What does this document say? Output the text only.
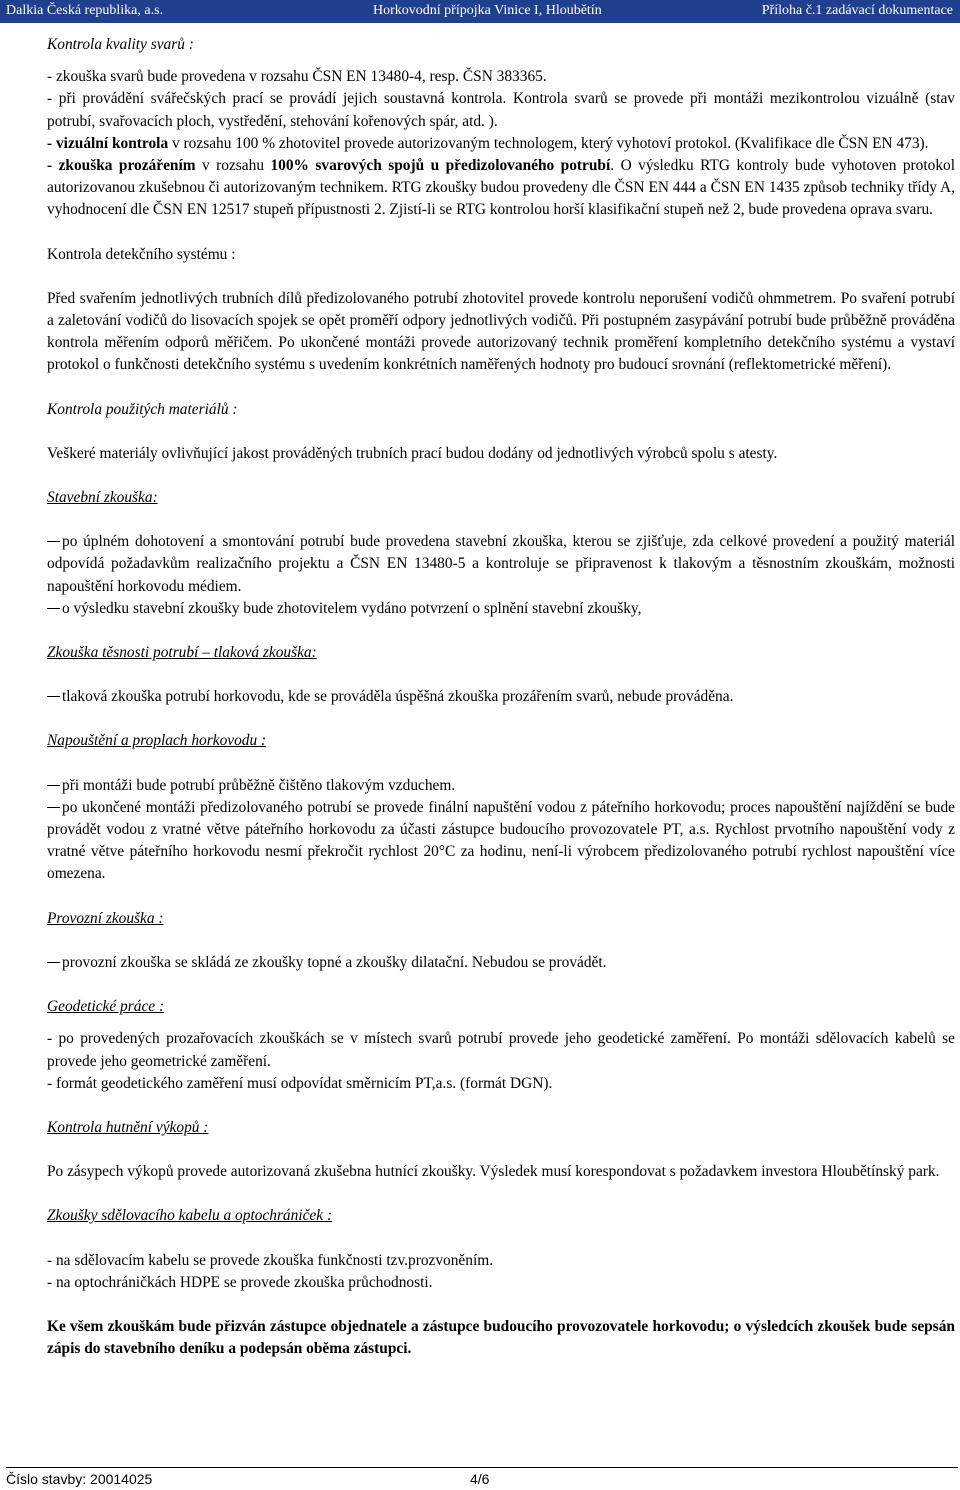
Dalkia Česká republika, a.s.	Horkovodní přípojka Vinice I, Hloubětín	Příloha č.1 zadávací dokumentace

Kontrola kvality svarů :

- zkouška svarů bude provedena v rozsahu ČSN EN 13480-4, resp. ČSN 383365.

- při provádění svářečských prací se provádí jejich soustavná kontrola. Kontrola svarů se provede při montáži mezikontrolou vizuálně (stav potrubí, svařovacích ploch, vystředění, stehování kořenových spár, atd. ).

- vizuální kontrola v rozsahu 100 % zhotovitel provede autorizovaným technologem, který vyhotoví protokol. (Kvalifikace dle ČSN EN 473).

- zkouška prozářením v rozsahu 100% svarových spojů u předizolovaného potrubí. O výsledku RTG kontroly bude vyhotoven protokol autorizovanou zkušebnou či autorizovaným technikem. RTG zkoušky budou provedeny dle ČSN EN 444 a ČSN EN 1435 způsob techniky třídy A, vyhodnocení dle ČSN EN 12517 stupeň přípustnosti 2. Zjistí-li se RTG kontrolou horší klasifikační stupeň než 2, bude provedena oprava svaru.

Kontrola detekčního systému :

Před svařením jednotlivých trubních dílů předizolovaného potrubí zhotovitel provede kontrolu neporušení vodičů ohmmetrem. Po svaření potrubí a zaletování vodičů do lisovacích spojek se opět proměří odpory jednotlivých vodičů. Při postupném zasypávání potrubí bude průběžně prováděna kontrola měřením odporů měřičem. Po ukončené montáži provede autorizovaný technik proměření kompletního detekčního systému a vystaví protokol o funkčnosti detekčního systému s uvedením konkrétních naměřených hodnoty pro budoucí srovnání (reflektometrické měření).

Kontrola použitých materiálů :

Veškeré materiály ovlivňující jakost prováděných trubních prací budou dodány od jednotlivých výrobců spolu s atesty.

Stavební zkouška:

po úplném dohotovení a smontování potrubí bude provedena stavební zkouška, kterou se zjišťuje, zda celkové provedení a použitý materiál odpovídá požadavkům realizačního projektu a ČSN EN 13480-5 a kontroluje se připravenost k tlakovým a těsnostním zkouškám, možnosti napouštění horkovodu médiem.

o výsledku stavební zkoušky bude zhotovitelem vydáno potvrzení o splnění stavební zkoušky,

Zkouška těsnosti potrubí – tlaková zkouška:

tlaková zkouška potrubí horkovodu, kde se prováděla úspěšná zkouška prozářením svarů, nebude prováděna.

Napouštění a proplach horkovodu :

při montáži bude potrubí průběžně čištěno tlakovým vzduchem.

po ukončené montáži předizolovaného potrubí se provede finální napuštění vodou z páteřního horkovodu; proces napouštění najíždění se bude provádět vodou z vratné větve páteřního horkovodu za účasti zástupce budoucího provozovatele PT, a.s. Rychlost prvotního napouštění vody z vratné větve páteřního horkovodu nesmí překročit rychlost 20°C za hodinu, není-li výrobcem předizolovaného potrubí rychlost napouštění více omezena.

Provozní zkouška :

provozní zkouška se skládá ze zkoušky topné a zkoušky dilatační. Nebudou se provádět.

Geodetické práce :

- po provedených prozařovacích zkouškách se v místech svarů potrubí provede jeho geodetické zaměření. Po montáži sdělovacích kabelů se provede jeho geometrické zaměření.

- formát geodetického zaměření musí odpovídat směrnicím PT,a.s. (formát DGN).

Kontrola hutnění výkopů :

Po zásypech výkopů provede autorizovaná zkušebna hutnící zkoušky. Výsledek musí korespondovat s požadavkem investora Hloubětínský park.

Zkoušky sdělovacího kabelu a optochrániček :

- na sdělovacím kabelu se provede zkouška funkčnosti tzv.prozvoněním.

- na optochráničkách HDPE se provede zkouška průchodnosti.

Ke všem zkouškám bude přizván zástupce objednatele a zástupce budoucího provozovatele horkovodu; o výsledcích zkoušek bude sepsán zápis do stavebního deníku a podepsán oběma zástupci.

Číslo stavby: 20014025	4/6
